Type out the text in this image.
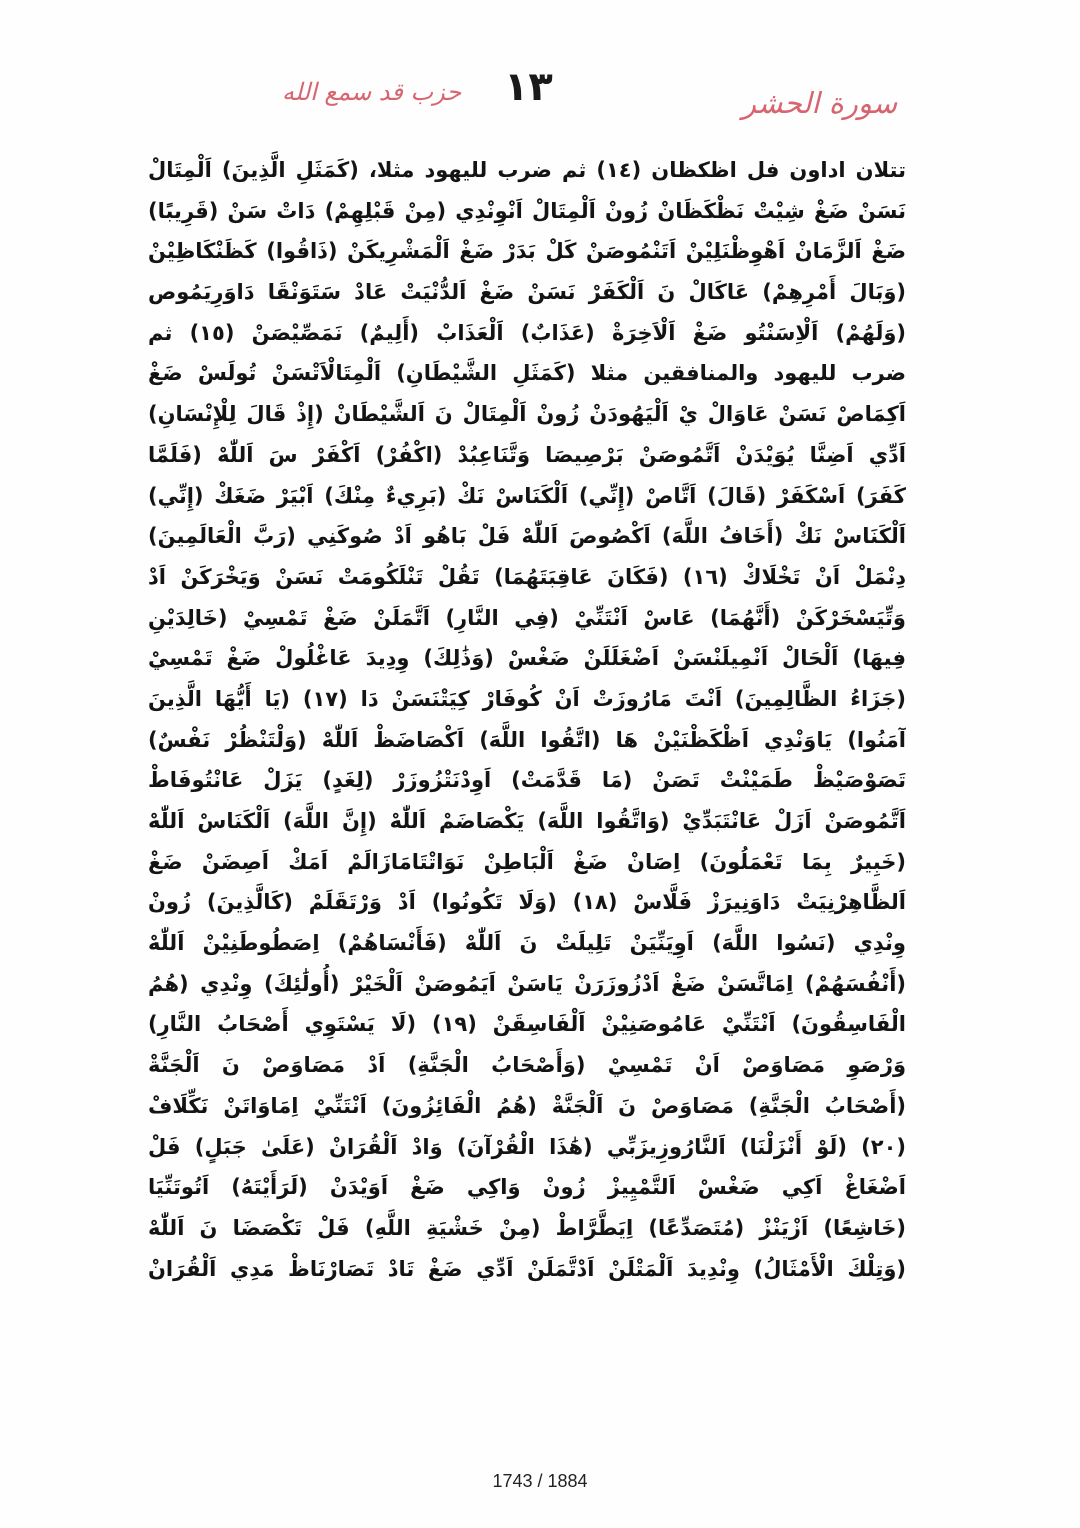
حزب قد سمع الله ١٣	سورة الحشر
تتلان اداون فل اظكظان (١٤) ثم ضرب لليهود مثلا، (كَمَثَلِ الَّذِينَ) اَلْمِتَالْ
نَسَنْ ضَغْ شِيْتْ نَظْكَظَانْ زُونْ اَلْمِتَالْ اَنْوِنْدِي (مِنْ قَبْلِهِمْ) دَاتْ سَنْ (قَرِيبًا)
ضَغْ اَلزَّمَانْ اَهْوِظْنَلِيْنْ اَتَنْمُوصَنْ كَلْ بَدَرْ ضَغْ اَلْمَشْرِيكَنْ (ذَاقُوا) كَظَنْكَاظِيْنْ
(وَبَالَ أَمْرِهِمْ) عَاكَالْ نَ اَلْكَفَرْ نَسَنْ ضَغْ اَلدُّنْيَتْ عَادْ سَتَوَنْقَا دَاوَرِيَمُوص
(وَلَهُمْ) اَلْاِسَنْتُو ضَغْ اَلْاَخِرَةْ (عَذَابٌ) اَلْعَذَابْ (أَلِيمٌ) نَمَصِّيْصَنْ (١٥) ثم
ضرب لليهود والمنافقين مثلا (كَمَثَلِ الشَّيْطَانِ) اَلْمِتَالْاَتْسَنْ تُولَسْ ضَغْ
اَكِمَاصْ نَسَنْ عَاوَالْ يْ اَلْيَهُودَنْ زُونْ اَلْمِتَالْ نَ اَلشَّيْطَانْ (إِذْ قَالَ لِلْإِنْسَانِ)
اَدِّي اَضِنَّا يُوَيْدَنْ اَتَّمُوصَنْ بَرْصِيصَا وَتَّنَاعِبُدْ (اكْفُرْ) اَكْفَرْ سَ اَللّٰهْ (فَلَمَّا
كَفَرَ) اَسْكَفَرْ (قَالَ) اَتَّاصْ (إِنِّي) اَلْكَنَاسْ نَكْ (بَرِيءٌ مِنْكَ) اَبْيَرْ ضَغَكْ (إِنِّي)
اَلْكَنَاسْ نَكْ (أَخَافُ اللَّهَ) اَكْصُوصَ اَللّٰهْ فَلْ بَاهُو اَدْ صُوكَنِي (رَبَّ الْعَالَمِينَ)
دِنْمَلْ اَنْ تَخْلَاكْ (١٦) (فَكَانَ عَاقِبَتَهُمَا) تَقُلْ تَنْلَكُومَتْ نَسَنْ وَيَخْرَكَنْ اَدْ
وَتِّيَسْخَرْكَنْ (أَنَّهُمَا) عَاسْ اَنْتَنِّيْ (فِي النَّارِ) اَتَّمَلَنْ ضَغْ تَمْسِيْ (خَالِدَيْنِ
فِيهَا) اَلْحَالْ اَنْمِيلَنْسَنْ اَضْغَلَلَنْ ضَغْسْ (وَذَٰلِكَ) وِدِيدَ عَاغْلُولْ ضَغْ تَمْسِيْ
(جَزَاءُ الظَّالِمِينَ) اَنْتَ مَارُوزَتْ اَنْ كُوفَارْ كِيَتْنَسَنْ دَا (١٧) (يَا أَيُّهَا الَّذِينَ
آمَنُوا) يَاوَنْدِي اَظْكَظْنَيْنْ هَا (اتَّقُوا اللَّهَ) اَكْصَاضَظْ اَللّٰهْ (وَلْتَنْظُرْ نَفْسٌ)
تَصَوْصَيْظْ طَمَيْنْتْ تَصَنْ (مَا قَدَّمَتْ) اَوِدْنَتْزُوزَرْ (لِغَدٍ) يَزَلْ عَانْتُوفَاطْ
اَتَّمُوصَنْ اَزَلْ عَانْتَبَدِّيْ (وَاتَّقُوا اللَّهَ) يَكْصَاضَمْ اَللّٰهْ (إِنَّ اللَّهَ) اَلْكَنَاسْ اَللّٰهْ
(خَبِيرٌ بِمَا تَعْمَلُونَ) اِصَانْ ضَغْ اَلْبَاطِنْ نَوَاتْتَامَازَالَمْ اَمَكْ اَصِضَنْ ضَغْ
اَلظَّاهِرْنِيَتْ دَاوَنِيرَزْ فَلَّاسْ (١٨) (وَلَا تَكُونُوا) اَدْ وَرْتَقَلَمْ (كَالَّذِينَ) زُونْ
وِنْدِي (نَسُوا اللَّهَ) اَوِيَنِّيَنْ تَلِيلَتْ نَ اَللّٰهْ (فَأَنْسَاهُمْ) اِصَطُوطَنِيْنْ اَللّٰهْ
(أَنْفُسَهُمْ) اِمَاتَّسَنْ ضَغْ اَدْزُوزَرَنْ يَاسَنْ اَيَمُوصَنْ اَلْخَيْرْ (أُولَٰئِكَ) وِنْدِي (هُمُ
الْفَاسِقُونَ) اَنْتَنِّيْ عَامُوصَنِيْنْ اَلْفَاسِقَنْ (١٩) (لَا يَسْتَوِي أَصْحَابُ النَّارِ)
وَرْصَوِ مَصَاوَصْ اَنْ تَمْسِيْ (وَأَصْحَابُ الْجَنَّةِ) اَدْ مَصَاوَصْ نَ اَلْجَنَّةْ
(أَصْحَابُ الْجَنَّةِ) مَصَاوَصْ نَ اَلْجَنَّةْ (هُمُ الْفَائِزُونَ) اَنْتَنِّيْ اِمَاوَاتَنْ نَكِّلَافْ
(٢٠) (لَوْ أَنْزَلْنَا) اَلنَّارُوزِيزَبِّي (هَٰذَا الْقُرْآنَ) وَادْ اَلْقُرَانْ (عَلَىٰ جَبَلٍ) فَلْ
اَضْغَاغْ اَكِي ضَغْسْ اَلتَّمْيِيزْ زُونْ وَاكِي ضَغْ اَوَيْدَنْ (لَرَأَيْتَهُ) اَتُوتَنِّيَا
(خَاشِعًا) اَزْيَنْزْ (مُتَصَدِّعًا) اِيَطَّرَّاطْ (مِنْ خَشْيَةِ اللَّهِ) فَلْ تَكْصَضَا نَ اَللّٰهْ
(وَتِلْكَ الْأَمْثَالُ) وِنْدِيدَ اَلْمَتْلَنْ اَدْتَّمَلَنْ اَدِّي ضَغْ تَادْ تَصَارْنَاظْ مَدِي اَلْقُرَانْ
1743 / 1884
